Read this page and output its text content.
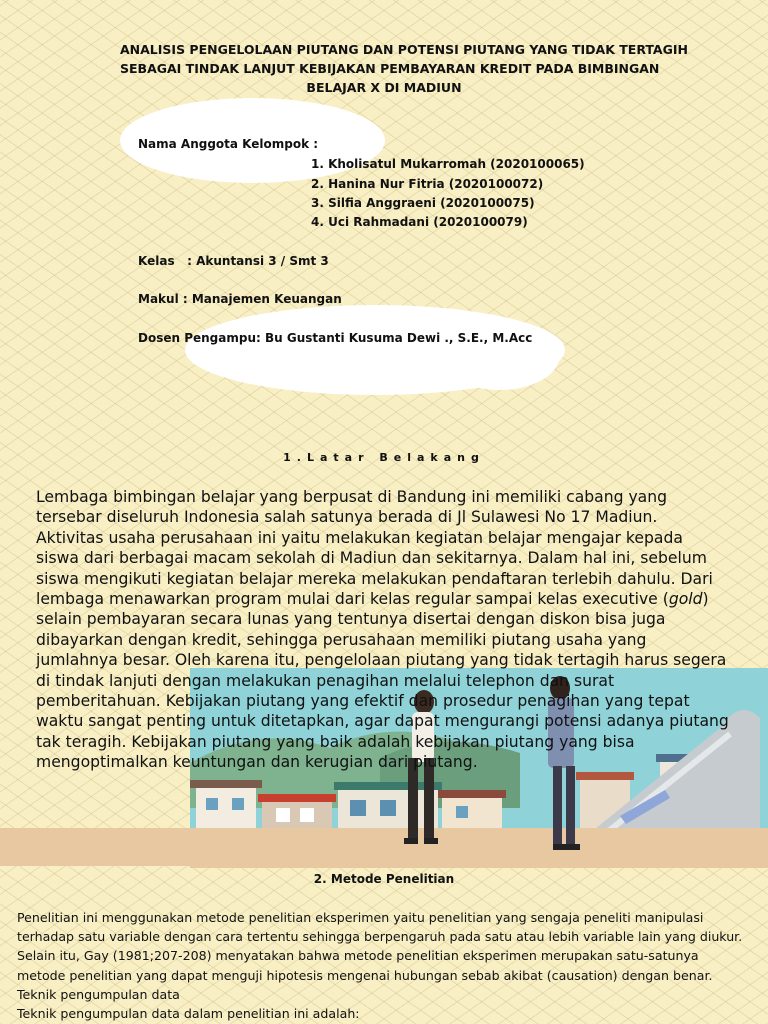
ANALISIS PENGELOLAAN PIUTANG DAN POTENSI PIUTANG YANG TIDAK TERTAGIH
SEBAGAI TINDAK LANJUT KEBIJAKAN PEMBAYARAN KREDIT PADA BIMBINGAN
BELAJAR X DI MADIUN
Nama Anggota Kelompok :
1. Kholisatul Mukarromah (2020100065)
2. Hanina Nur Fitria (2020100072)
3. Silfia Anggraeni (2020100075)
4. Uci Rahmadani (2020100079)
Kelas   : Akuntansi 3 / Smt 3
Makul : Manajemen Keuangan
Dosen Pengampu: Bu Gustanti Kusuma Dewi ., S.E., M.Acc
1.Latar Belakang
Lembaga bimbingan belajar yang berpusat di Bandung ini memiliki cabang yang
tersebar diseluruh Indonesia salah satunya berada di Jl Sulawesi No 17 Madiun.
Aktivitas usaha perusahaan ini yaitu melakukan kegiatan belajar mengajar kepada
siswa dari berbagai macam sekolah di Madiun dan sekitarnya. Dalam hal ini, sebelum
siswa mengikuti kegiatan belajar mereka melakukan pendaftaran terlebih dahulu. Dari
lembaga menawarkan program mulai dari kelas regular sampai kelas executive (gold)
selain pembayaran secara lunas yang tentunya disertai dengan diskon bisa juga
dibayarkan dengan kredit, sehingga perusahaan memiliki piutang usaha yang
jumlahnya besar. Oleh karena itu, pengelolaan piutang yang tidak tertagih harus segera
di tindak lanjuti dengan melakukan penagihan melalui telephon dan surat
pemberitahuan. Kebijakan piutang yang efektif dan prosedur penagihan yang tepat
waktu sangat penting untuk ditetapkan, agar dapat mengurangi potensi adanya piutang
tak teragih. Kebijakan piutang yang baik adalah kebijakan piutang yang bisa
mengoptimalkan keuntungan dan kerugian dari piutang.
2. Metode Penelitian
Penelitian ini menggunakan metode penelitian eksperimen yaitu penelitian yang sengaja peneliti manipulasi
terhadap satu variable dengan cara tertentu sehingga berpengaruh pada satu atau lebih variable lain yang diukur.
Selain itu, Gay (1981;207-208) menyatakan bahwa metode penelitian eksperimen merupakan satu-satunya
metode penelitian yang dapat menguji hipotesis mengenai hubungan sebab akibat (causation) dengan benar.
Teknik pengumpulan data
Teknik pengumpulan data dalam penelitian ini adalah:
